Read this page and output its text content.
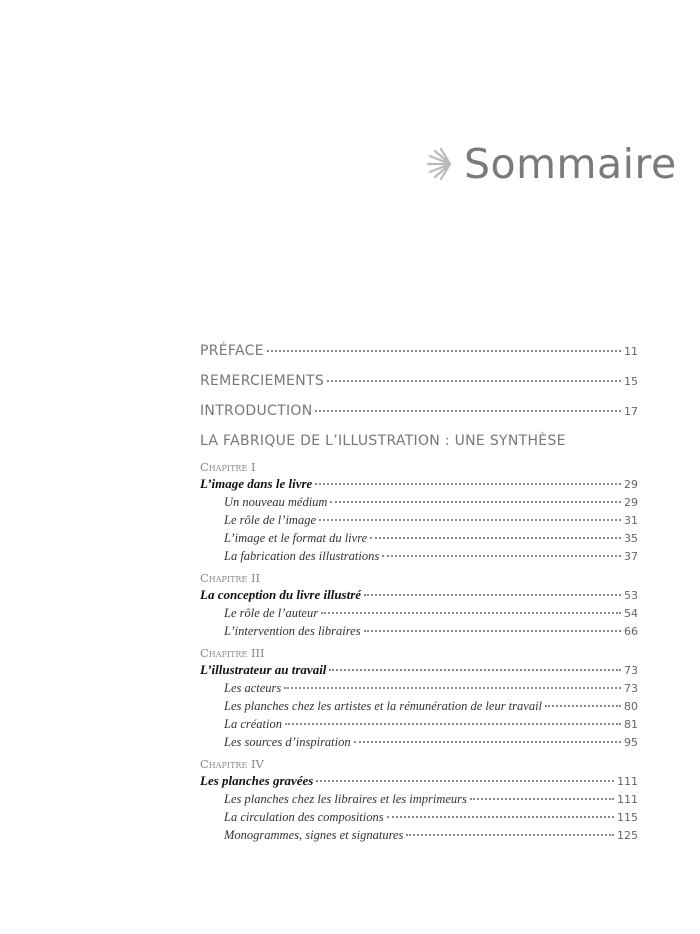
Sommaire
PRÉFACE	11
REMERCIEMENTS	15
INTRODUCTION	17
LA FABRIQUE DE L’ILLUSTRATION : UNE SYNTHÈSE
Chapitre I
L’image dans le livre	29
Un nouveau médium	29
Le rôle de l’image	31
L’image et le format du livre	35
La fabrication des illustrations	37
Chapitre II
La conception du livre illustré	53
Le rôle de l’auteur	54
L’intervention des libraires	66
Chapitre III
L’illustrateur au travail	73
Les acteurs	73
Les planches chez les artistes et la rémunération de leur travail	80
La création	81
Les sources d’inspiration	95
Chapitre IV
Les planches gravées	111
Les planches chez les libraires et les imprimeurs	111
La circulation des compositions	115
Monogrammes, signes et signatures	125
